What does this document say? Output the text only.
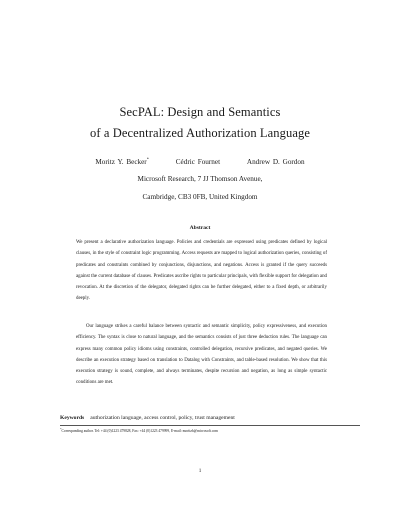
SecPAL: Design and Semantics
of a Decentralized Authorization Language
Moritz Y. Becker*	Cédric Fournet	Andrew D. Gordon
Microsoft Research, 7 JJ Thomson Avenue,
Cambridge, CB3 0FB, United Kingdom
Abstract

We present a declarative authorization language. Policies and credentials are expressed using predicates defined by logical clauses, in the style of constraint logic programming. Access requests are mapped to logical authorization queries, consisting of predicates and constraints combined by conjunctions, disjunctions, and negations. Access is granted if the query succeeds against the current database of clauses. Predicates ascribe rights to particular principals, with flexible support for delegation and revocation. At the discretion of the delegator, delegated rights can be further delegated, either to a fixed depth, or arbitrarily deeply.

Our language strikes a careful balance between syntactic and semantic simplicity, policy expressiveness, and execution efficiency. The syntax is close to natural language, and the semantics consists of just three deduction rules. The language can express many common policy idioms using constraints, controlled delegation, recursive predicates, and negated queries. We describe an execution strategy based on translation to Datalog with Constraints, and table-based resolution. We show that this execution strategy is sound, complete, and always terminates, despite recursion and negation, as long as simple syntactic conditions are met.

Keywords authorization language, access control, policy, trust management
*Corresponding author. Tel: +44 (0)1223 479828, Fax: +44 (0)1223 479999, E-mail: moritzb@microsoft.com
1
